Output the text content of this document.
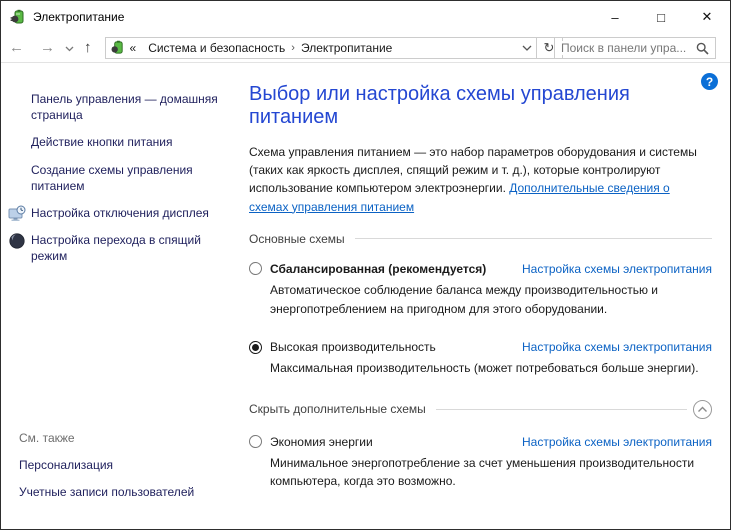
Электропитание	–	□	✕
←	→	↑	« Система и безопасность › Электропитание	↻
Поиск в панели упра...
Панель управления — домашняя страница
Действие кнопки питания
Создание схемы управления питанием
Настройка отключения дисплея
Настройка перехода в спящий режим
См. также
Персонализация
Учетные записи пользователей
?
Выбор или настройка схемы управления питанием

Схема управления питанием — это набор параметров оборудования и системы (таких как яркость дисплея, спящий режим и т. д.), которые контролируют использование компьютером электроэнергии. Дополнительные сведения о схемах управления питанием

Основные схемы
Сбалансированная (рекомендуется)	Настройка схемы электропитания
Автоматическое соблюдение баланса между производительностью и энергопотреблением на пригодном для этого оборудовании.
Высокая производительность	Настройка схемы электропитания
Максимальная производительность (может потребоваться больше энергии).
Скрыть дополнительные схемы
Экономия энергии	Настройка схемы электропитания
Минимальное энергопотребление за счет уменьшения производительности компьютера, когда это возможно.
